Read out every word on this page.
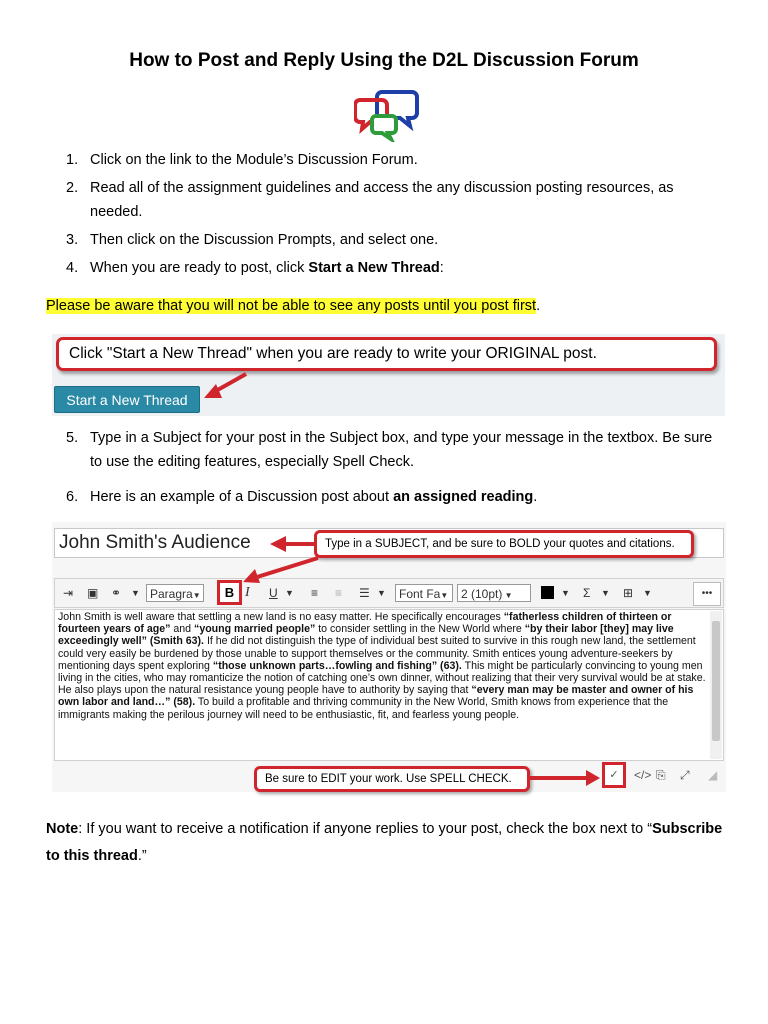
How to Post and Reply Using the D2L Discussion Forum
1. Click on the link to the Module’s Discussion Forum.
2. Read all of the assignment guidelines and access the any discussion posting resources, as needed.
3. Then click on the Discussion Prompts, and select one.
4. When you are ready to post, click Start a New Thread:
Please be aware that you will not be able to see any posts until you post first.
Click "Start a New Thread" when you are ready to write your ORIGINAL post.
Start a New Thread
5. Type in a Subject for your post in the Subject box, and type your message in the textbox. Be sure to use the editing features, especially Spell Check.
6. Here is an example of a Discussion post about an assigned reading.
John Smith's Audience	Type in a SUBJECT, and be sure to BOLD your quotes and citations.
⇥ ▣ ⚭ ▼ Paragra▼	I U ▼ ≡ ≡ ☰ ▼	Font Fa▼	2 (10pt) ▼	▼ Σ ▼ ⊞ ▼	•••
B
John Smith is well aware that settling a new land is no easy matter. He specifically encourages “fatherless children of thirteen or fourteen years of age” and “young married people” to consider settling in the New World where “by their labor [they] may live exceedingly well” (Smith 63). If he did not distinguish the type of individual best suited to survive in this rough new land, the settlement could very easily be burdened by those unable to support themselves or the community. Smith entices young adventure-seekers by mentioning days spent exploring “those unknown parts…fowling and fishing” (63). This might be particularly convincing to young men living in the cities, who may romanticize the notion of catching one’s own dinner, without realizing that their very survival would be at stake. He also plays upon the natural resistance young people have to authority by saying that “every man may be master and owner of his own labor and land…” (58). To build a profitable and thriving community in the New World, Smith knows from experience that the immigrants making the perilous journey will need to be enthusiastic, fit, and fearless young people.
Be sure to EDIT your work. Use SPELL CHECK.	✓	</> ⎘ ⤢ ◢
Note: If you want to receive a notification if anyone replies to your post, check the box next to “Subscribe to this thread.”
